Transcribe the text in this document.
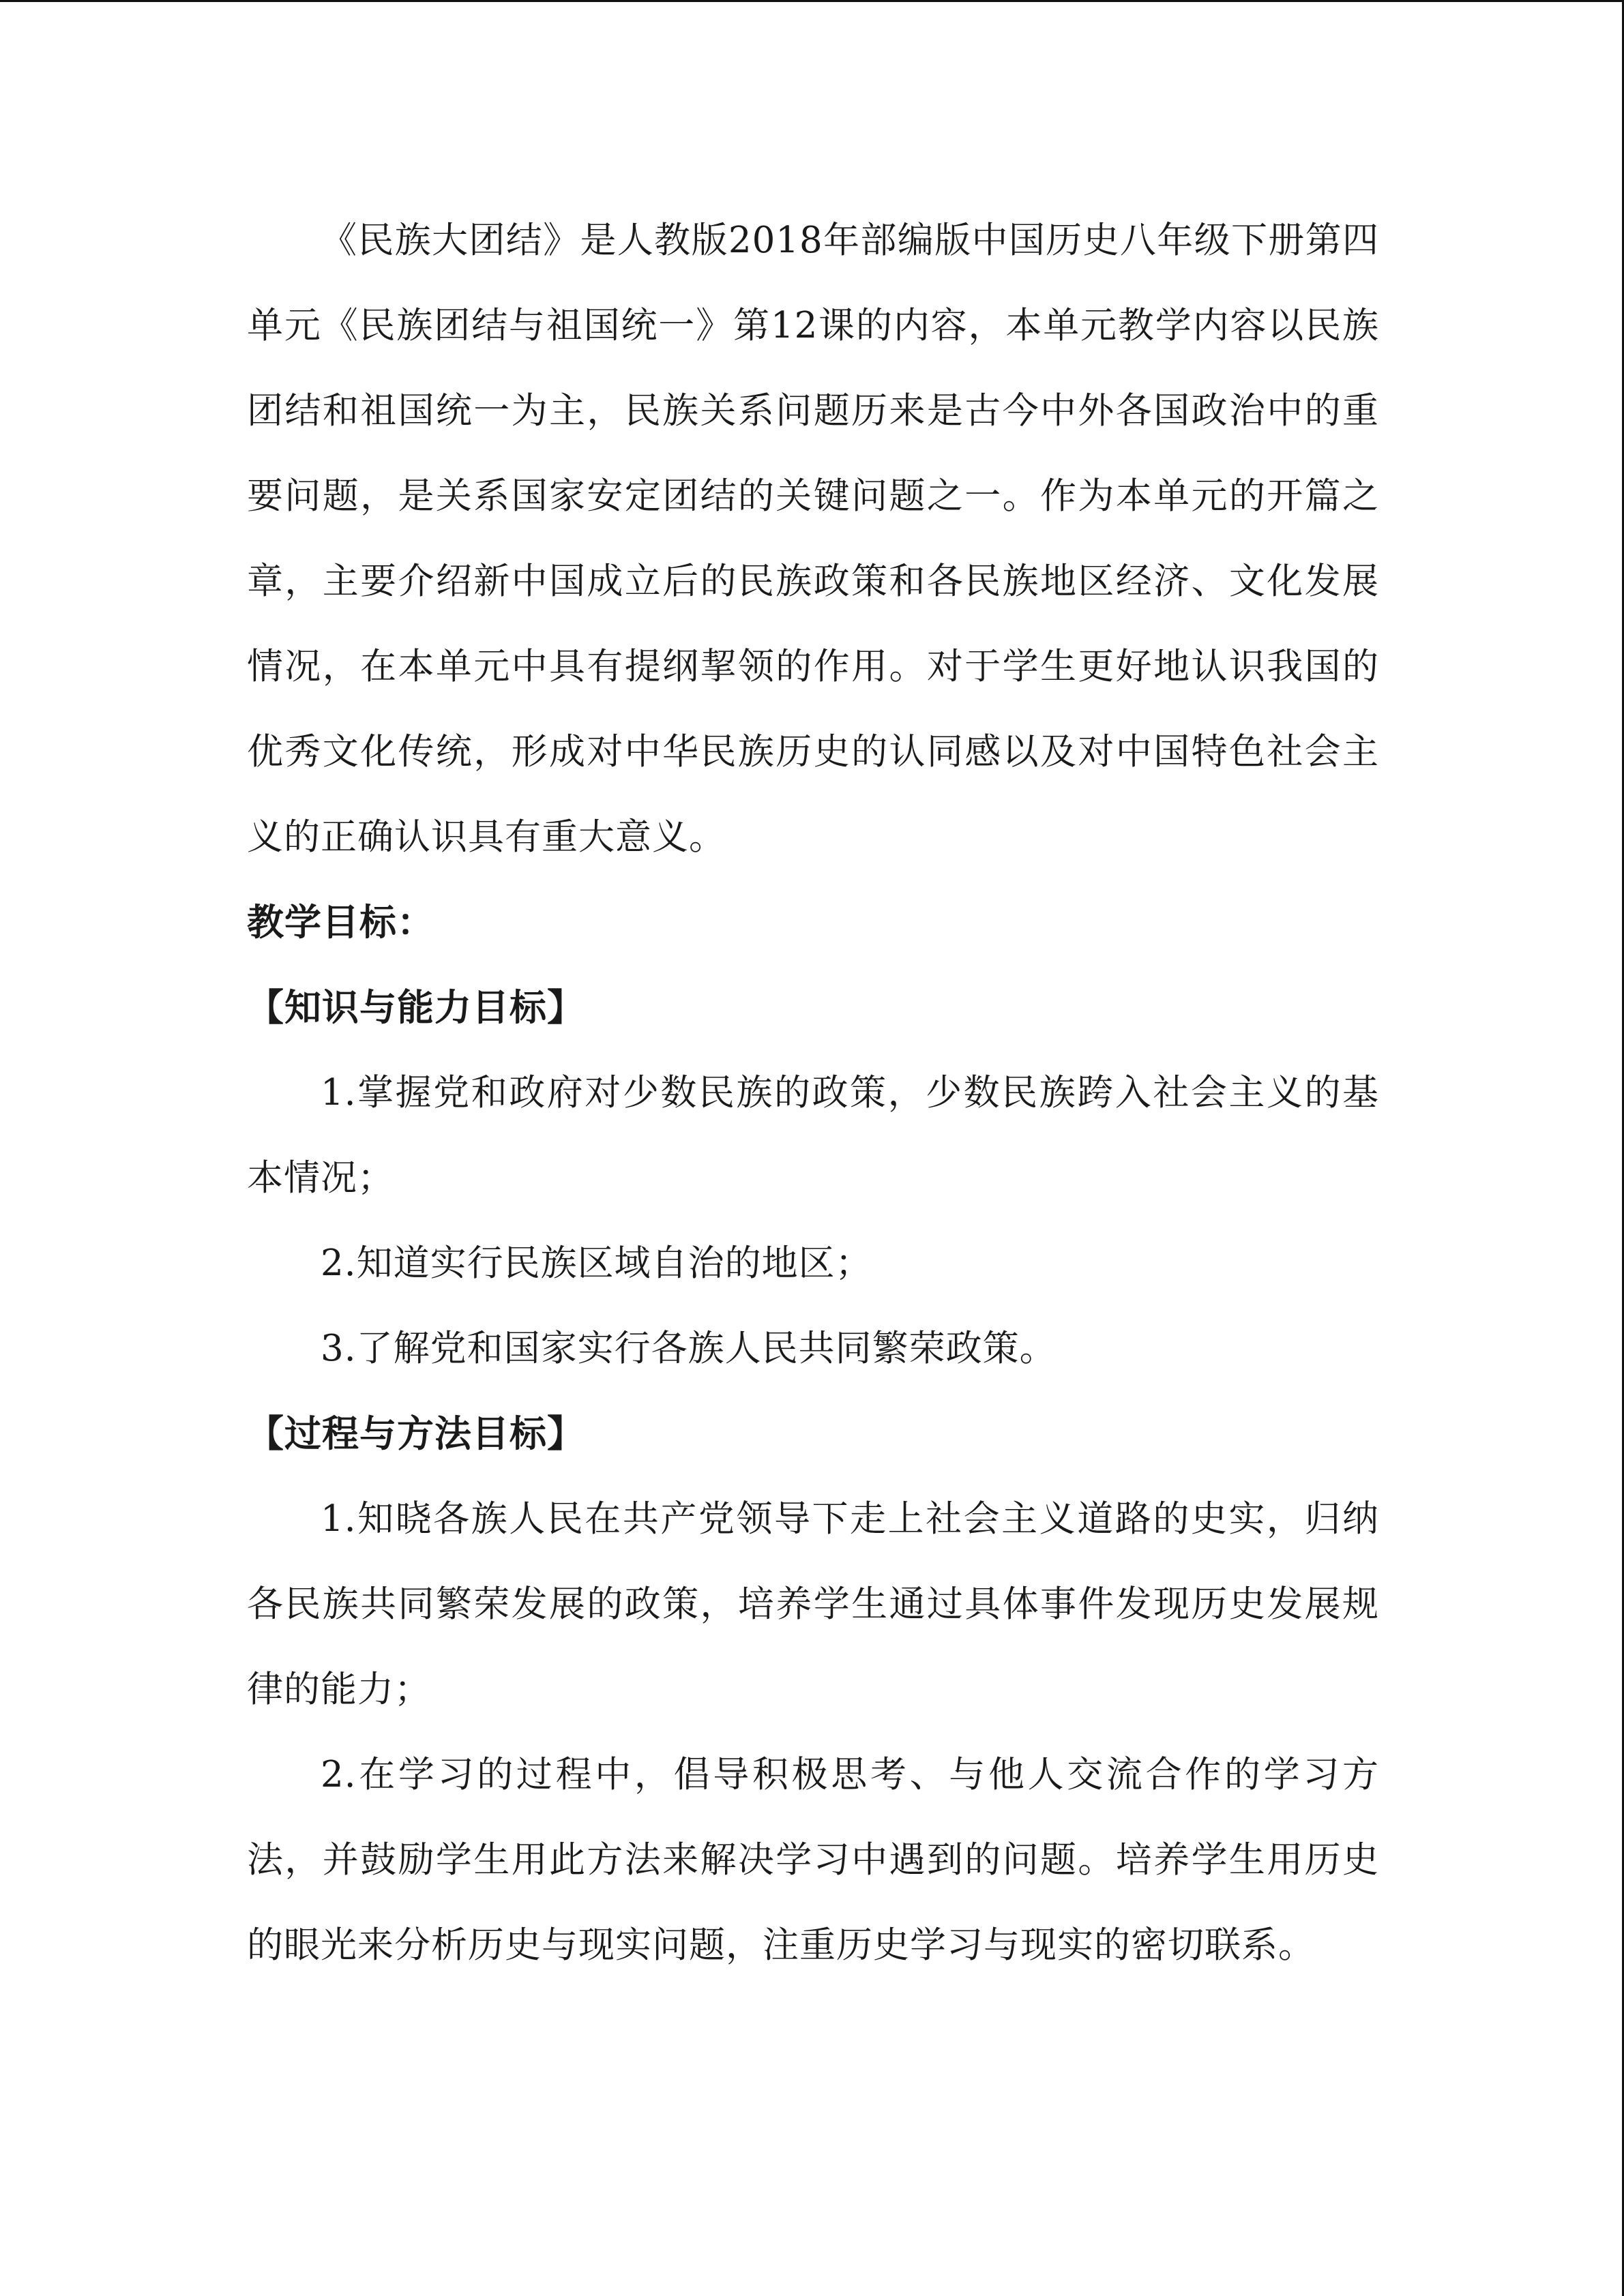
《民族大团结》是人教版2018年部编版中国历史八年级下册第四单元《民族团结与祖国统一》第12课的内容，本单元教学内容以民族团结和祖国统一为主，民族关系问题历来是古今中外各国政治中的重要问题，是关系国家安定团结的关键问题之一。作为本单元的开篇之章，主要介绍新中国成立后的民族政策和各民族地区经济、文化发展情况，在本单元中具有提纲挈领的作用。对于学生更好地认识我国的优秀文化传统，形成对中华民族历史的认同感以及对中国特色社会主义的正确认识具有重大意义。

教学目标：

【知识与能力目标】

1.掌握党和政府对少数民族的政策，少数民族跨入社会主义的基本情况；

2.知道实行民族区域自治的地区；

3.了解党和国家实行各族人民共同繁荣政策。

【过程与方法目标】

1.知晓各族人民在共产党领导下走上社会主义道路的史实，归纳各民族共同繁荣发展的政策，培养学生通过具体事件发现历史发展规律的能力；

2.在学习的过程中，倡导积极思考、与他人交流合作的学习方法，并鼓励学生用此方法来解决学习中遇到的问题。培养学生用历史的眼光来分析历史与现实问题，注重历史学习与现实的密切联系。
